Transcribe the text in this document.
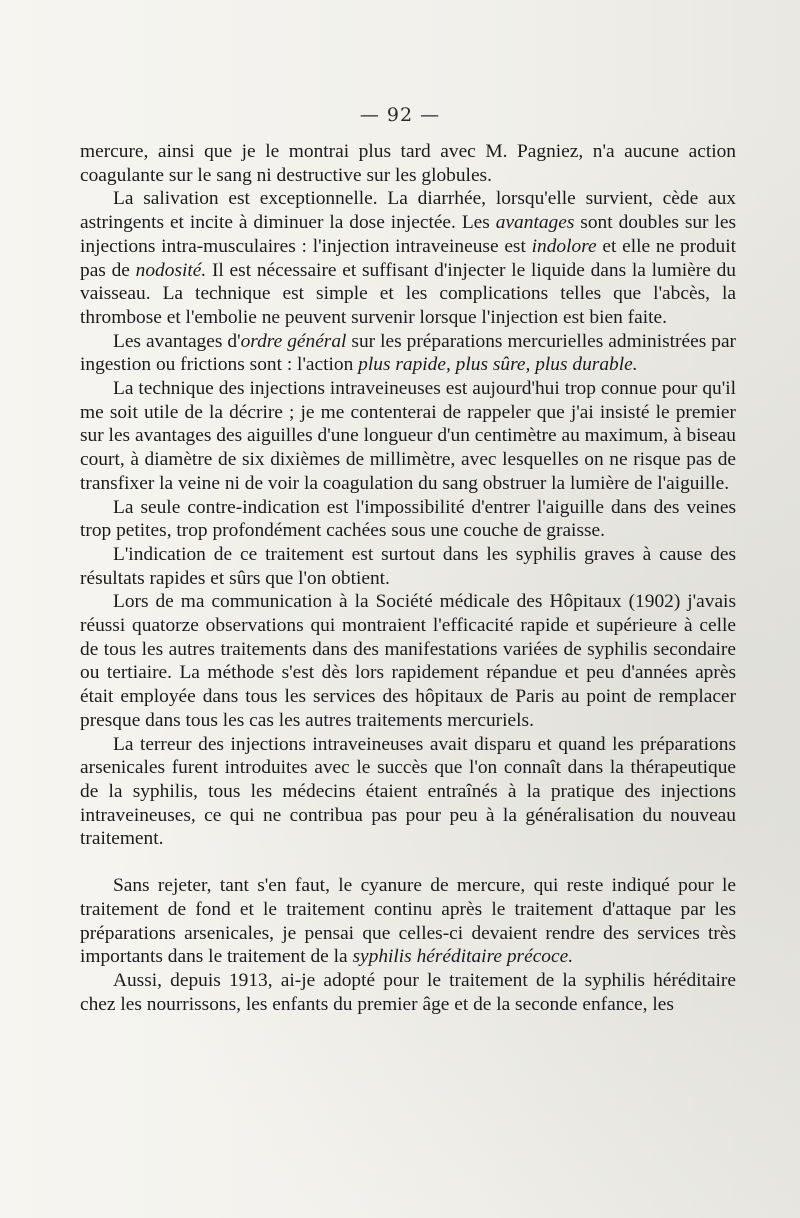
— 92 —

mercure, ainsi que je le montrai plus tard avec M. Pagniez, n'a aucune action coagulante sur le sang ni destructive sur les globules.

La salivation est exceptionnelle. La diarrhée, lorsqu'elle survient, cède aux astringents et incite à diminuer la dose injectée. Les avantages sont doubles sur les injections intra-musculaires : l'injection intraveineuse est indolore et elle ne produit pas de nodosité. Il est nécessaire et suffisant d'injecter le liquide dans la lumière du vaisseau. La technique est simple et les complications telles que l'abcès, la thrombose et l'embolie ne peuvent survenir lorsque l'injection est bien faite.

Les avantages d'ordre général sur les préparations mercurielles administrées par ingestion ou frictions sont : l'action plus rapide, plus sûre, plus durable.

La technique des injections intraveineuses est aujourd'hui trop connue pour qu'il me soit utile de la décrire ; je me contenterai de rappeler que j'ai insisté le premier sur les avantages des aiguilles d'une longueur d'un centimètre au maximum, à biseau court, à diamètre de six dixièmes de millimètre, avec lesquelles on ne risque pas de transfixer la veine ni de voir la coagulation du sang obstruer la lumière de l'aiguille.

La seule contre-indication est l'impossibilité d'entrer l'aiguille dans des veines trop petites, trop profondément cachées sous une couche de graisse.

L'indication de ce traitement est surtout dans les syphilis graves à cause des résultats rapides et sûrs que l'on obtient.

Lors de ma communication à la Société médicale des Hôpitaux (1902) j'avais réussi quatorze observations qui montraient l'efficacité rapide et supérieure à celle de tous les autres traitements dans des manifestations variées de syphilis secondaire ou tertiaire. La méthode s'est dès lors rapidement répandue et peu d'années après était employée dans tous les services des hôpitaux de Paris au point de remplacer presque dans tous les cas les autres traitements mercuriels.

La terreur des injections intraveineuses avait disparu et quand les préparations arsenicales furent introduites avec le succès que l'on connaît dans la thérapeutique de la syphilis, tous les médecins étaient entraînés à la pratique des injections intraveineuses, ce qui ne contribua pas pour peu à la généralisation du nouveau traitement.

Sans rejeter, tant s'en faut, le cyanure de mercure, qui reste indiqué pour le traitement de fond et le traitement continu après le traitement d'attaque par les préparations arsenicales, je pensai que celles-ci devaient rendre des services très importants dans le traitement de la syphilis héréditaire précoce.

Aussi, depuis 1913, ai-je adopté pour le traitement de la syphilis héréditaire chez les nourrissons, les enfants du premier âge et de la seconde enfance, les
